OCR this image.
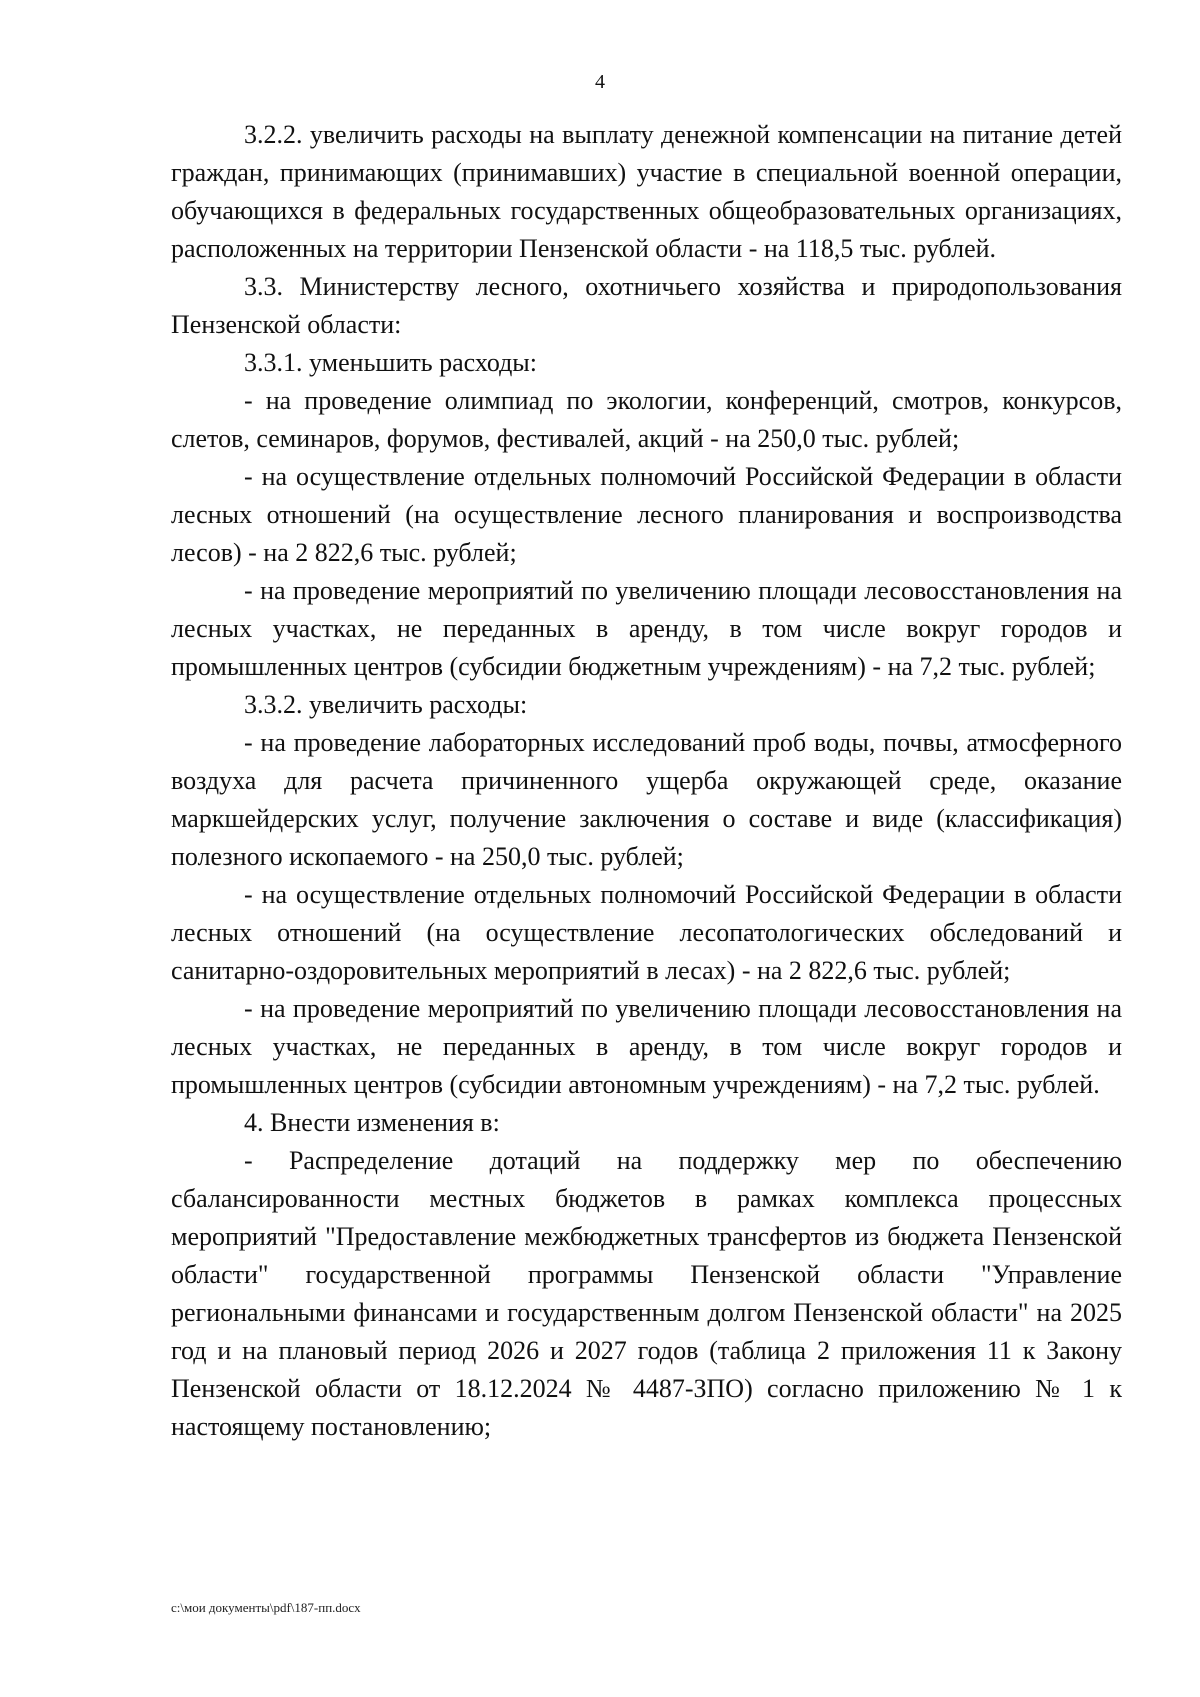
4

3.2.2. увеличить расходы на выплату денежной компенсации на питание детей граждан, принимающих (принимавших) участие в специальной военной операции, обучающихся в федеральных государственных общеобразовательных организациях, расположенных на территории Пензенской области - на 118,5 тыс. рублей.

3.3. Министерству лесного, охотничьего хозяйства и природопользования Пензенской области:

3.3.1. уменьшить расходы:

- на проведение олимпиад по экологии, конференций, смотров, конкурсов, слетов, семинаров, форумов, фестивалей, акций - на 250,0 тыс. рублей;

- на осуществление отдельных полномочий Российской Федерации в области лесных отношений (на осуществление лесного планирования и воспроизводства лесов) - на 2 822,6 тыс. рублей;

- на проведение мероприятий по увеличению площади лесовосстановления на лесных участках, не переданных в аренду, в том числе вокруг городов и промышленных центров (субсидии бюджетным учреждениям) - на 7,2 тыс. рублей;

3.3.2. увеличить расходы:

- на проведение лабораторных исследований проб воды, почвы, атмосферного воздуха для расчета причиненного ущерба окружающей среде, оказание маркшейдерских услуг, получение заключения о составе и виде (классификация) полезного ископаемого - на 250,0 тыс. рублей;

- на осуществление отдельных полномочий Российской Федерации в области лесных отношений (на осуществление лесопатологических обследований и санитарно-оздоровительных мероприятий в лесах) - на 2 822,6 тыс. рублей;

- на проведение мероприятий по увеличению площади лесовосстановления на лесных участках, не переданных в аренду, в том числе вокруг городов и промышленных центров (субсидии автономным учреждениям) - на 7,2 тыс. рублей.

4. Внести изменения в:

- Распределение дотаций на поддержку мер по обеспечению сбалансированности местных бюджетов в рамках комплекса процессных мероприятий "Предоставление межбюджетных трансфертов из бюджета Пензенской области" государственной программы Пензенской области "Управление региональными финансами и государственным долгом Пензенской области" на 2025 год и на плановый период 2026 и 2027 годов (таблица 2 приложения 11 к Закону Пензенской области от 18.12.2024 № 4487-ЗПО) согласно приложению № 1 к настоящему постановлению;

c:\мои документы\pdf\187-пп.docx
